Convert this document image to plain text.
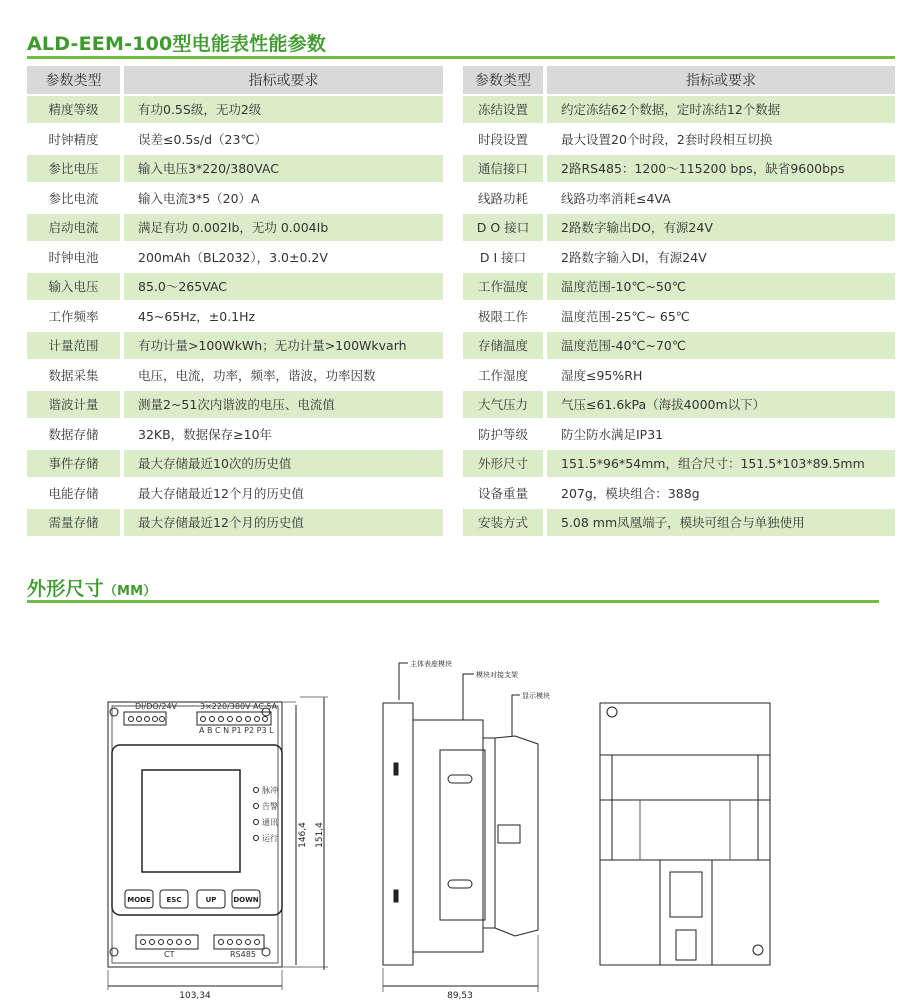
ALD-EEM-100型电能表性能参数
参数类型		指标或要求
精度等级		有功0.5S级，无功2级
时钟精度		误差≤0.5s/d（23℃）
参比电压		输入电压3*220/380VAC
参比电流		输入电流3*5（20）A
启动电流		满足有功 0.002Ib，无功 0.004Ib
时钟电池		200mAh（BL2032），3.0±0.2V
输入电压		85.0～265VAC
工作频率		45~65Hz，±0.1Hz
计量范围		有功计量>100WkWh；无功计量>100Wkvarh
数据采集		电压，电流，功率，频率，谐波，功率因数
谐波计量		测量2~51次内谐波的电压、电流值
数据存储		32KB，数据保存≥10年
事件存储		最大存储最近10次的历史值
电能存储		最大存储最近12个月的历史值
需量存储		最大存储最近12个月的历史值
参数类型		指标或要求
冻结设置		约定冻结62个数据，定时冻结12个数据
时段设置		最大设置20个时段，2套时段相互切换
通信接口		2路RS485：1200～115200 bps，缺省9600bps
线路功耗		线路功率消耗≤4VA
D O 接口		2路数字输出DO，有源24V
D I 接口		2路数字输入DI，有源24V
工作温度		温度范围-10℃~50℃
极限工作		温度范围-25℃~ 65℃
存储温度		温度范围-40℃~70℃
工作湿度		湿度≤95%RH
大气压力		气压≤61.6kPa（海拔4000m以下）
防护等级		防尘防水满足IP31
外形尺寸		151.5*96*54mm，组合尺寸：151.5*103*89.5mm
设备重量		207g，模块组合：388g
安装方式		5.08 mm凤凰端子，模块可组合与单独使用
外形尺寸（MM）
DI/DO/24V	3×220/380V AC 5A
A B C N P1 P2 P3 L
脉冲
告警
通讯
运行
MODE ESC	UP DOWN
CT	RS485
146,4 151,4
103,34	89,53
主体表座模块
模块对接支架
显示模块
